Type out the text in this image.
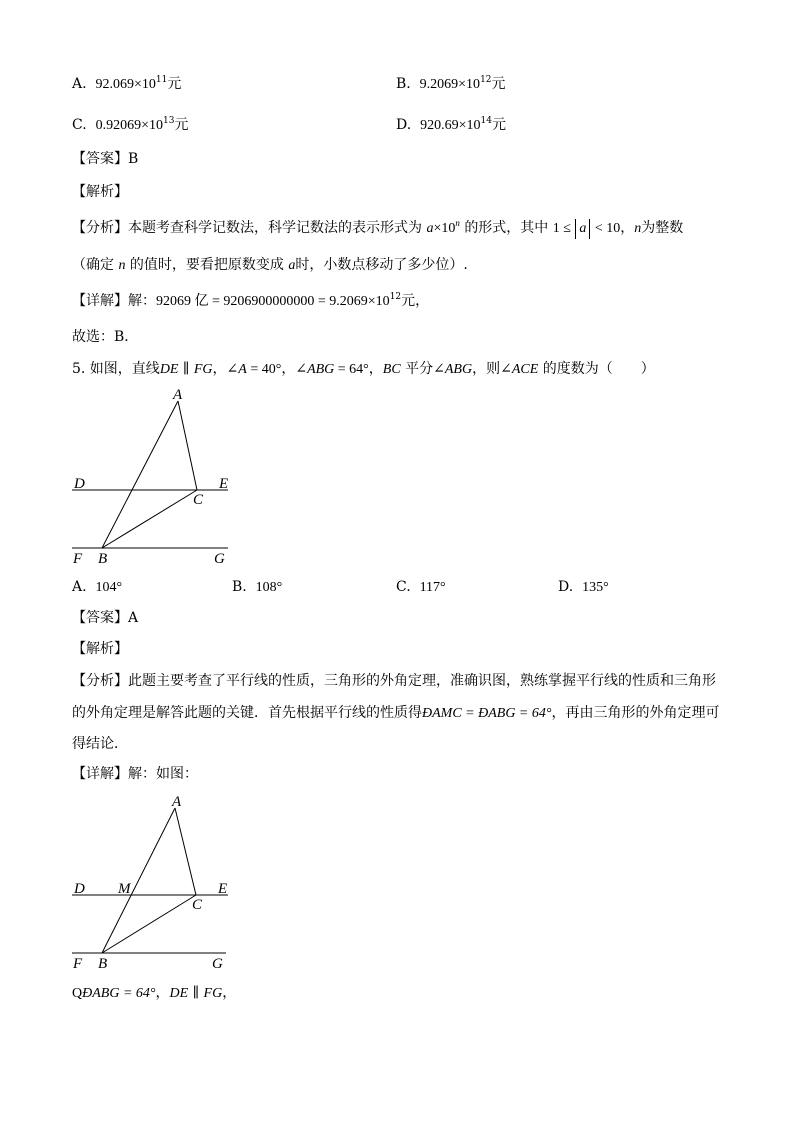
A. $92.069\times 10^{11}$元	B. $9.2069\times 10^{12}$元
C. $0.92069\times 10^{13}$元	D. $920.69\times 10^{14}$元
【答案】B
【解析】
【分析】本题考查科学记数法，科学记数法的表示形式为 $a\times 10^n$ 的形式，其中 1 ≤ a < 10，n为整数
（确定 n 的值时，要看把原数变成 a时，小数点移动了多少位）.
【详解】解：92069 亿 = $9206900000000 = 9.2069\times 10^{12}$元，
故选：B．
5. 如图，直线DE ∥ FG，∠A = 40°，∠ABG = 64°，BC 平分∠ABG，则∠ACE 的度数为（　　）
A
D	E
C
F B	G
A. 104°	B. 108°	C. 117°	D. 135°
【答案】A
【解析】
【分析】此题主要考查了平行线的性质，三角形的外角定理，准确识图，熟练掌握平行线的性质和三角形
的外角定理是解答此题的关键．首先根据平行线的性质得ÐAMC = ÐABG = 64°，再由三角形的外角定理可
得结论．
【详解】解：如图：
A
D M	E
C
F B	G
QÐABG = 64°，DE ∥ FG，
